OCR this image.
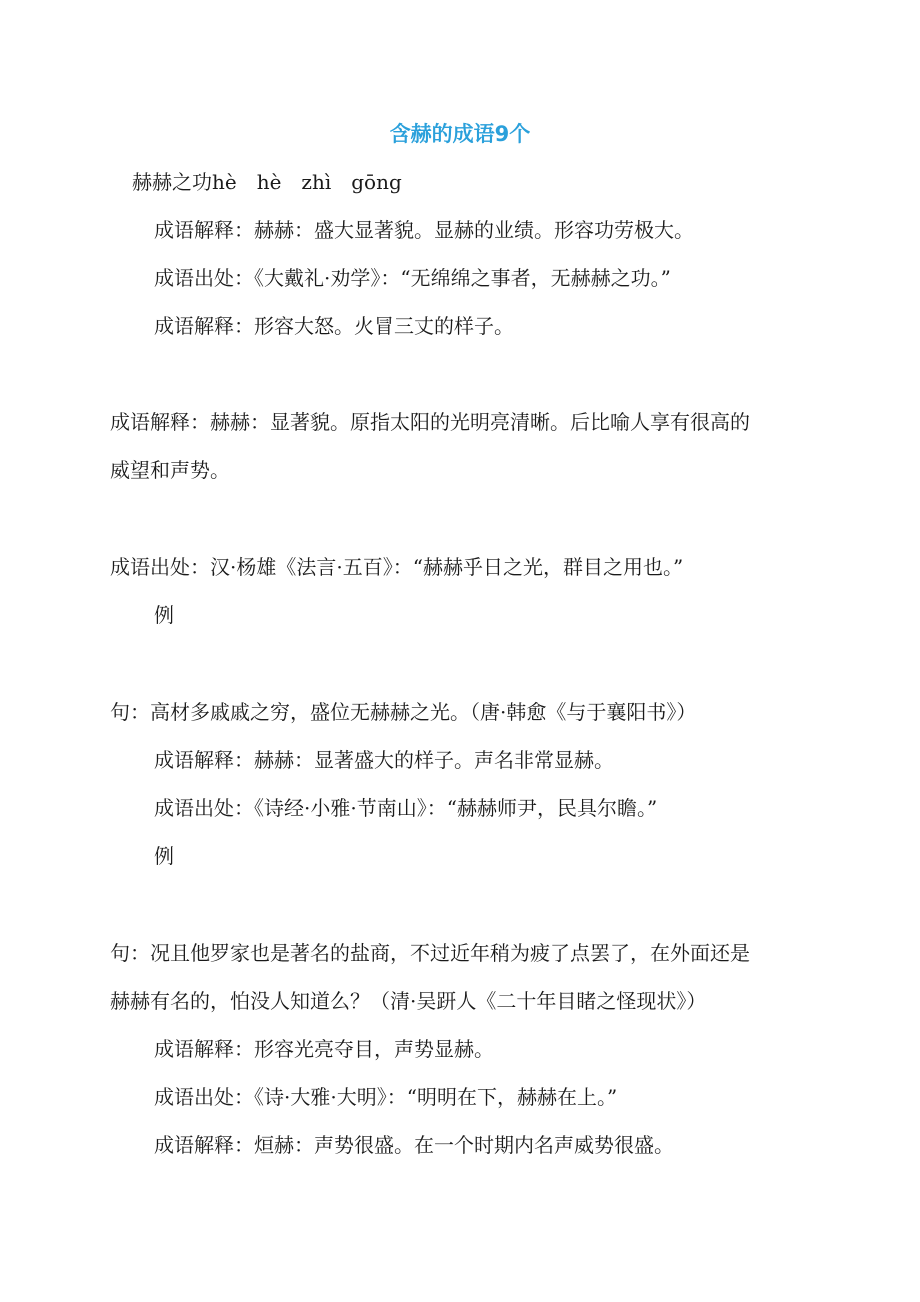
含赫的成语9个
赫赫之功hè　hè　zhì　gōng
成语解释：赫赫：盛大显著貌。显赫的业绩。形容功劳极大。
成语出处：《大戴礼·劝学》：“无绵绵之事者，无赫赫之功。”
成语解释：形容大怒。火冒三丈的样子。
成语解释：赫赫：显著貌。原指太阳的光明亮清晰。后比喻人享有很高的
威望和声势。
成语出处：汉·杨雄《法言·五百》：“赫赫乎日之光，群目之用也。”
例
句：高材多戚戚之穷，盛位无赫赫之光。（唐·韩愈《与于襄阳书》）
成语解释：赫赫：显著盛大的样子。声名非常显赫。
成语出处：《诗经·小雅·节南山》：“赫赫师尹，民具尔瞻。”
例
句：况且他罗家也是著名的盐商，不过近年稍为疲了点罢了，在外面还是
赫赫有名的，怕没人知道么？（清·吴趼人《二十年目睹之怪现状》）
成语解释：形容光亮夺目，声势显赫。
成语出处：《诗·大雅·大明》：“明明在下，赫赫在上。”
成语解释：烜赫：声势很盛。在一个时期内名声威势很盛。
